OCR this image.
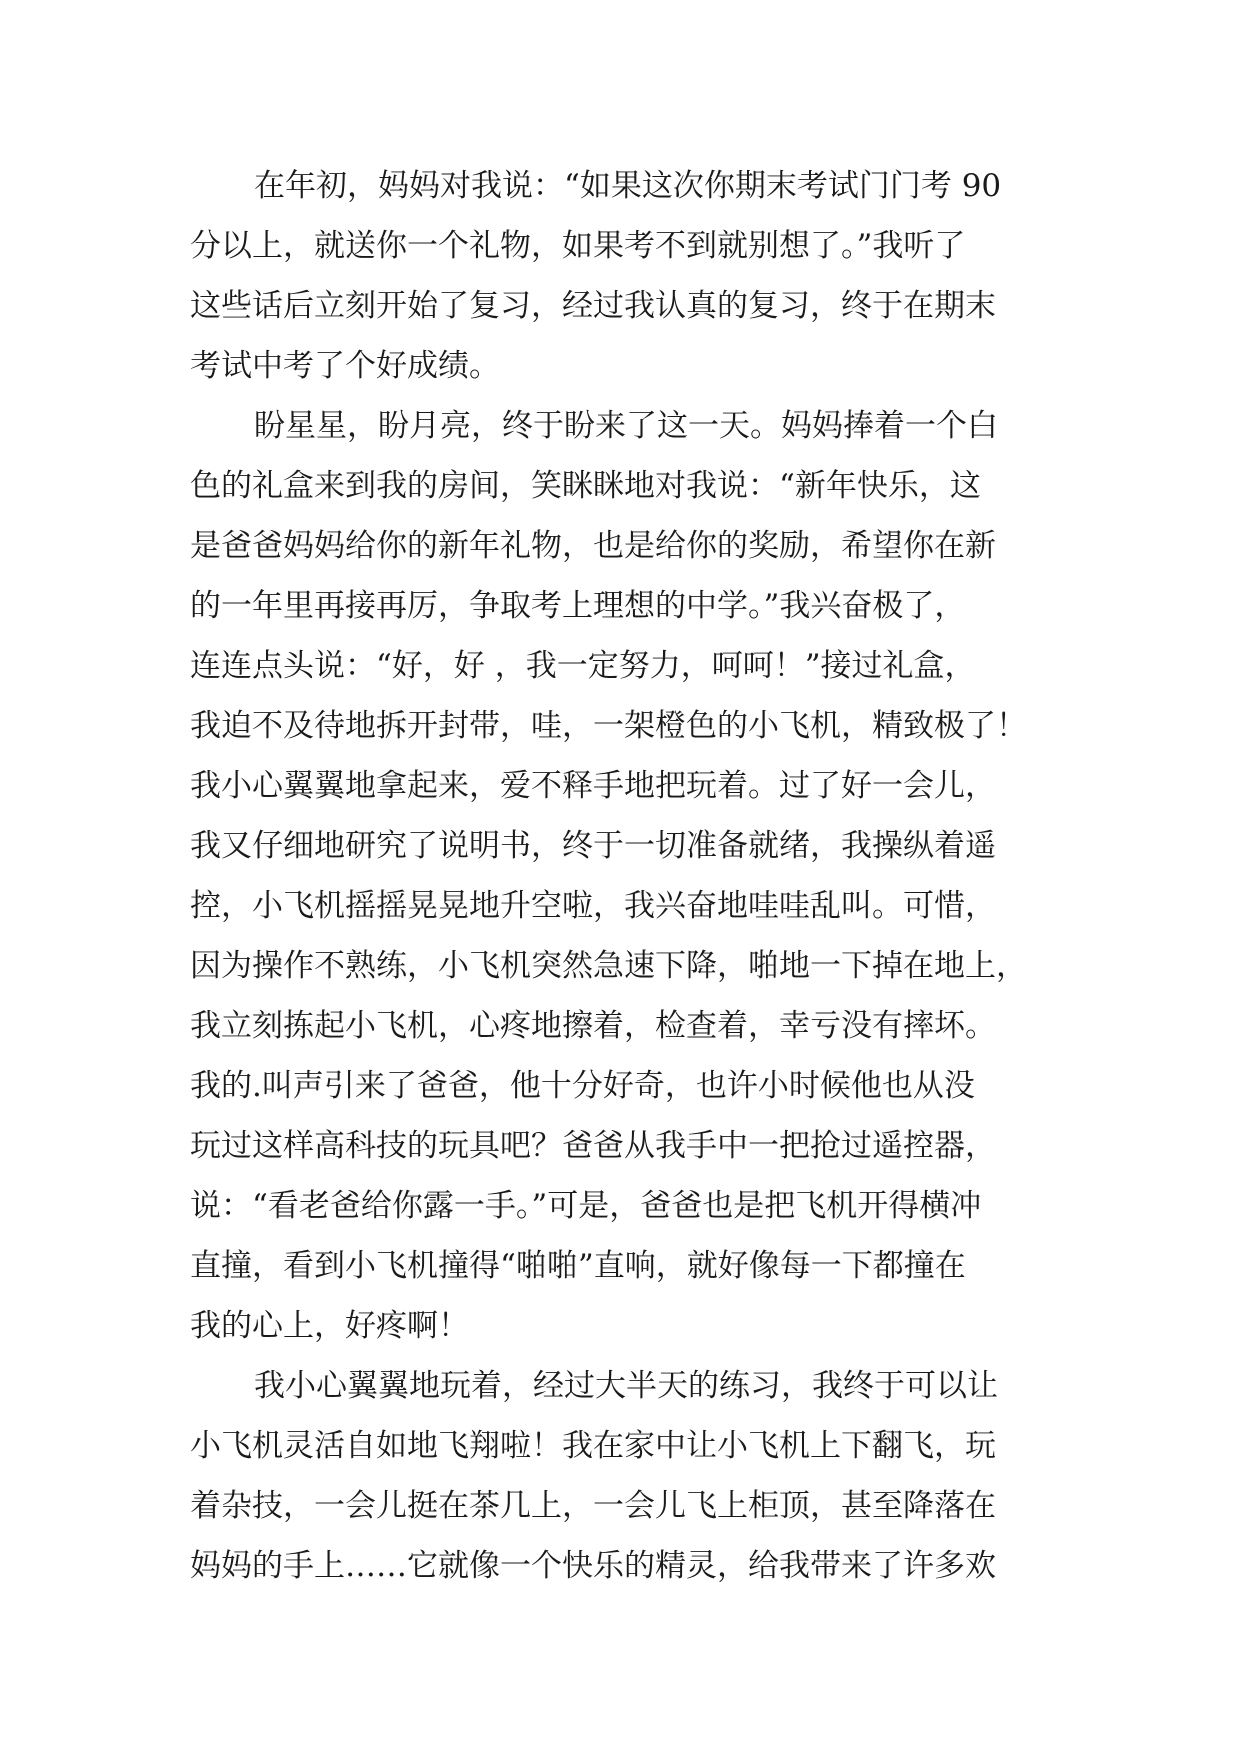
在年初，妈妈对我说：“如果这次你期末考试门门考 90
分以上，就送你一个礼物，如果考不到就别想了。”我听了
这些话后立刻开始了复习，经过我认真的复习，终于在期末
考试中考了个好成绩。
盼星星，盼月亮，终于盼来了这一天。妈妈捧着一个白
色的礼盒来到我的房间，笑眯眯地对我说：“新年快乐，这
是爸爸妈妈给你的新年礼物，也是给你的奖励，希望你在新
的一年里再接再厉，争取考上理想的中学。”我兴奋极了，
连连点头说：“好，好 ，我一定努力，呵呵！”接过礼盒，
我迫不及待地拆开封带，哇，一架橙色的小飞机，精致极了！
我小心翼翼地拿起来，爱不释手地把玩着。过了好一会儿，
我又仔细地研究了说明书，终于一切准备就绪，我操纵着遥
控，小飞机摇摇晃晃地升空啦，我兴奋地哇哇乱叫。可惜，
因为操作不熟练，小飞机突然急速下降，啪地一下掉在地上，
我立刻拣起小飞机，心疼地擦着，检查着，幸亏没有摔坏。
我的.叫声引来了爸爸，他十分好奇，也许小时候他也从没
玩过这样高科技的玩具吧？爸爸从我手中一把抢过遥控器，
说：“看老爸给你露一手。”可是，爸爸也是把飞机开得横冲
直撞，看到小飞机撞得“啪啪”直响，就好像每一下都撞在
我的心上，好疼啊！
我小心翼翼地玩着，经过大半天的练习，我终于可以让
小飞机灵活自如地飞翔啦！我在家中让小飞机上下翻飞，玩
着杂技，一会儿挺在茶几上，一会儿飞上柜顶，甚至降落在
妈妈的手上……它就像一个快乐的精灵，给我带来了许多欢
